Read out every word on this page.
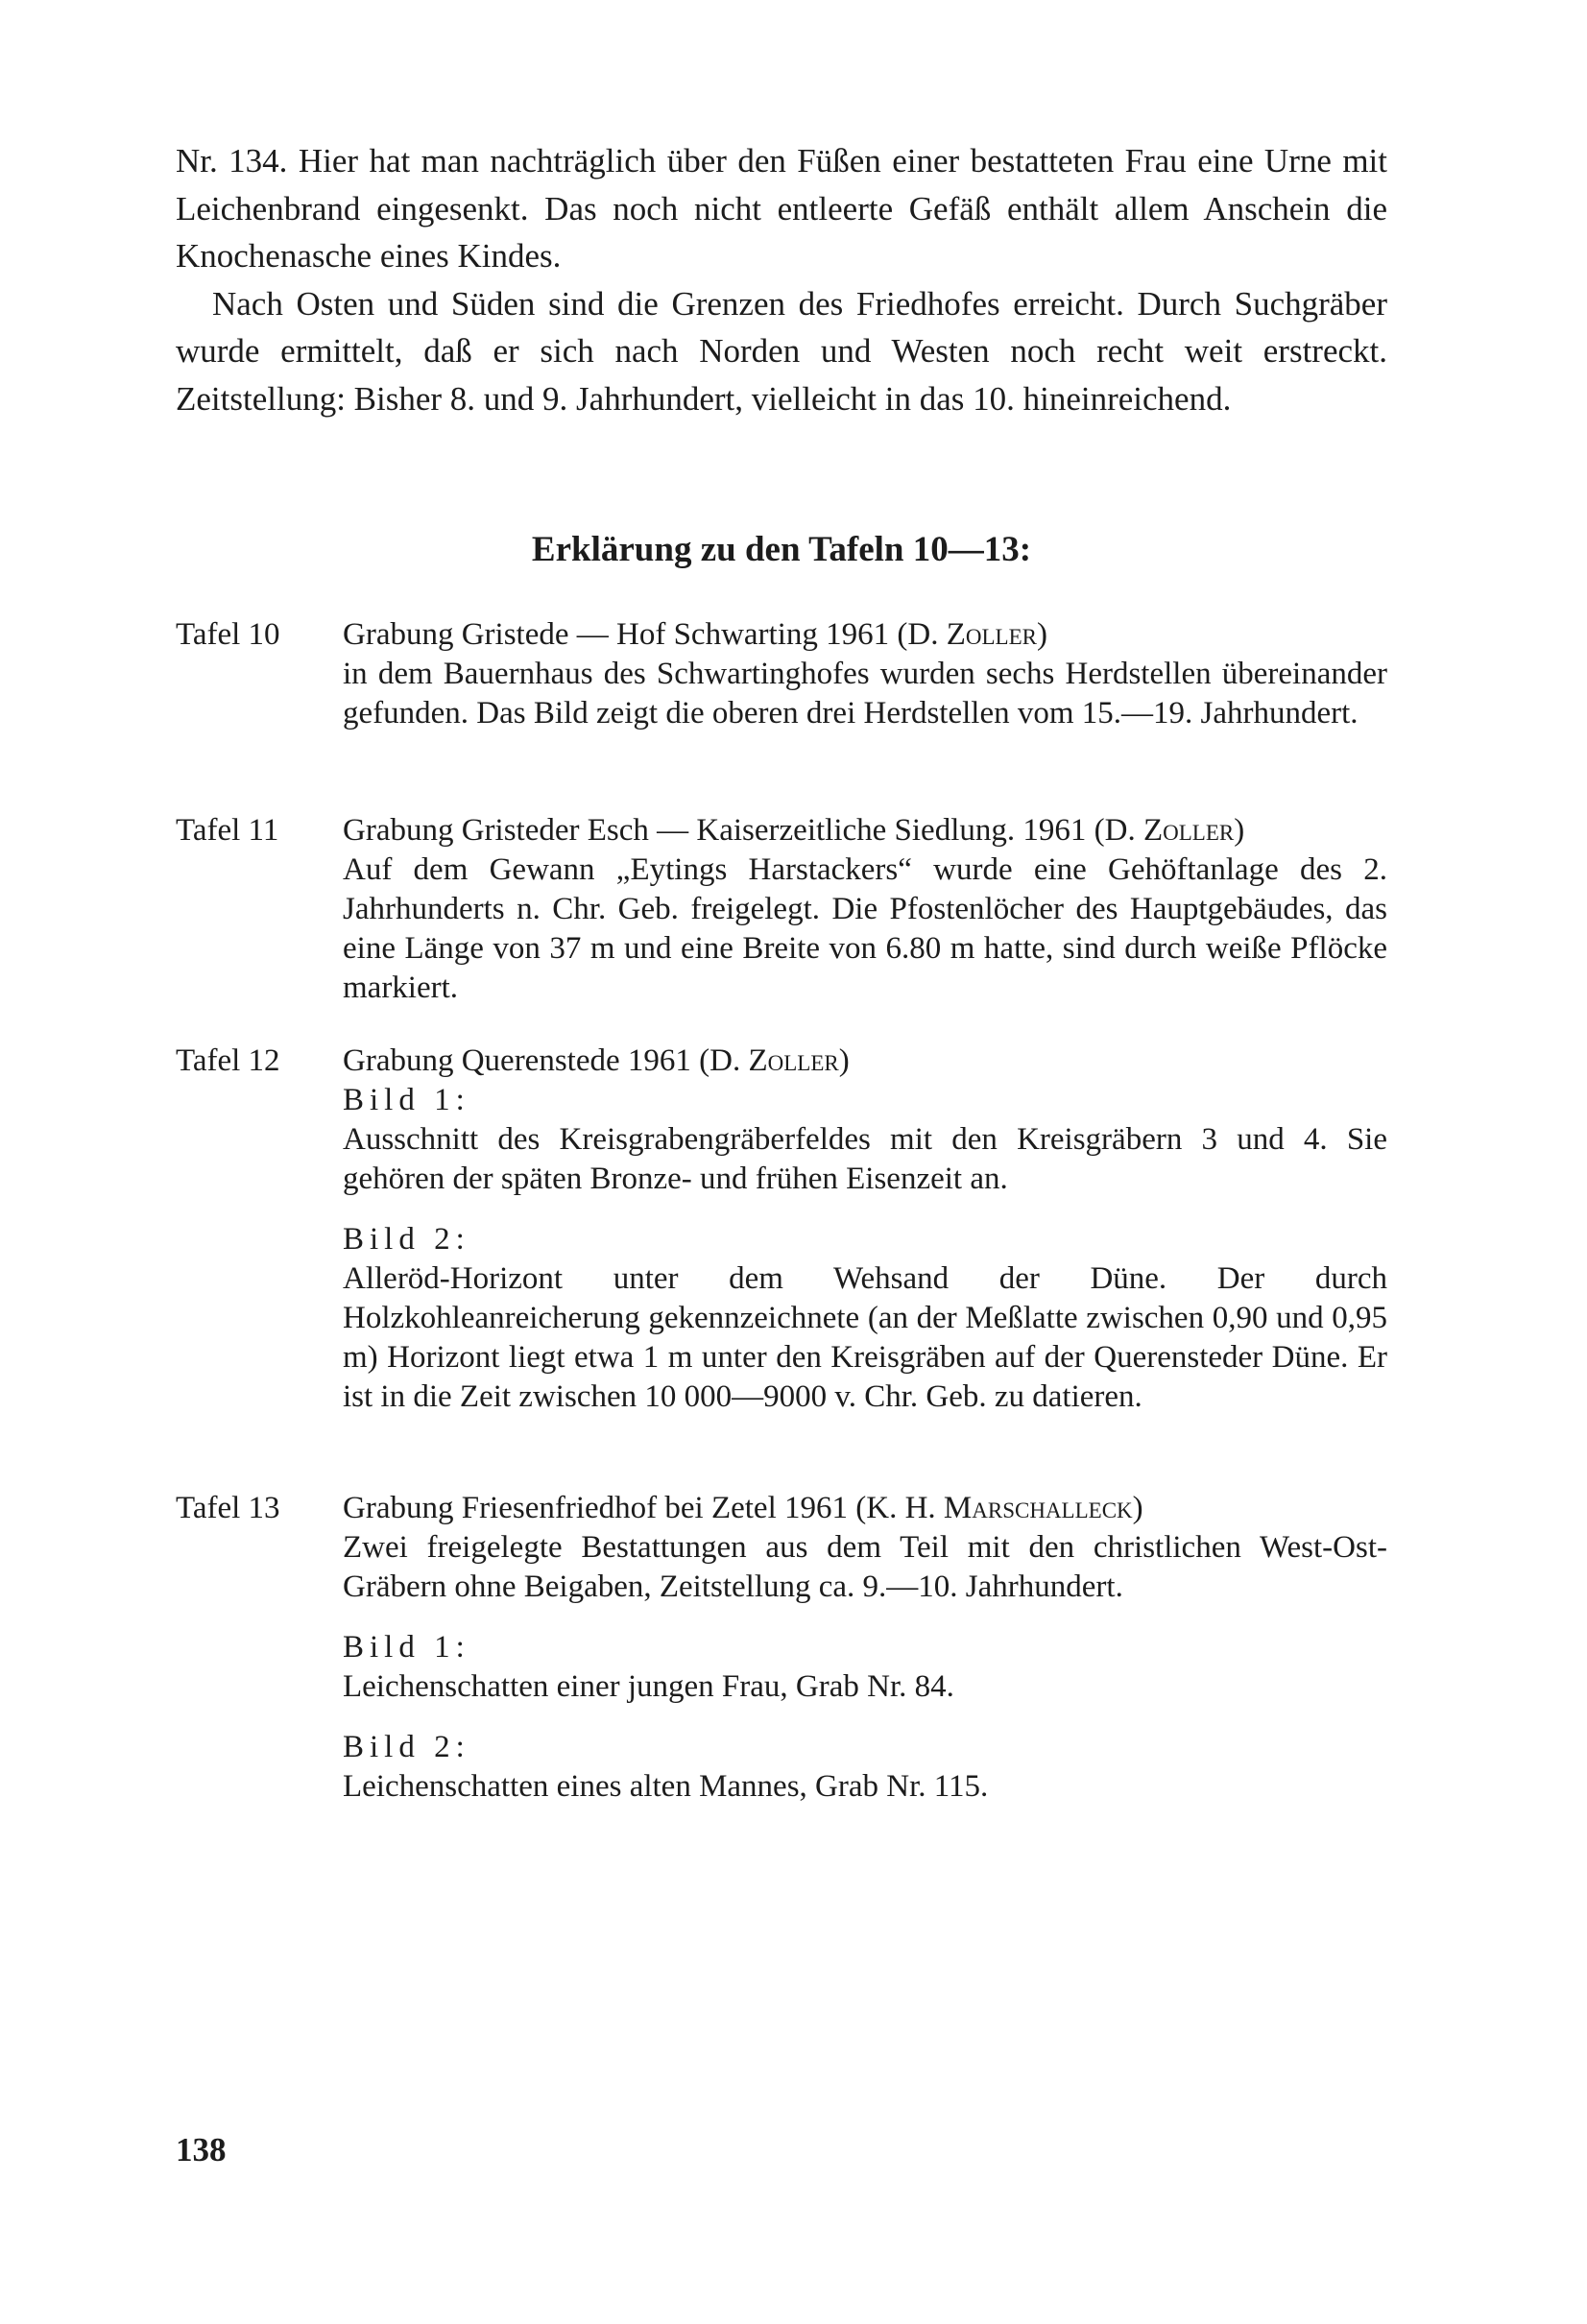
Nr. 134. Hier hat man nachträglich über den Füßen einer bestatteten Frau eine Urne mit Leichenbrand eingesenkt. Das noch nicht entleerte Gefäß enthält allem Anschein die Knochenasche eines Kindes.

Nach Osten und Süden sind die Grenzen des Friedhofes erreicht. Durch Suchgräber wurde ermittelt, daß er sich nach Norden und Westen noch recht weit erstreckt. Zeitstellung: Bisher 8. und 9. Jahrhundert, vielleicht in das 10. hineinreichend.

Erklärung zu den Tafeln 10—13:
Tafel 10	Grabung Gristede — Hof Schwarting 1961 (D. Zoller)

in dem Bauernhaus des Schwartinghofes wurden sechs Herdstellen übereinander gefunden. Das Bild zeigt die oberen drei Herdstellen vom 15.—19. Jahrhundert.

Tafel 11	Grabung Gristeder Esch — Kaiserzeitliche Siedlung. 1961 (D. Zoller)

Auf dem Gewann „Eytings Harstackers“ wurde eine Gehöftanlage des 2. Jahrhunderts n. Chr. Geb. freigelegt. Die Pfostenlöcher des Hauptgebäudes, das eine Länge von 37 m und eine Breite von 6.80 m hatte, sind durch weiße Pflöcke markiert.

Tafel 12	Grabung Querenstede 1961 (D. Zoller)

Bild 1:

Ausschnitt des Kreisgrabengräberfeldes mit den Kreisgräbern 3 und 4. Sie gehören der späten Bronze- und frühen Eisenzeit an.

Bild 2:

Alleröd-Horizont unter dem Wehsand der Düne. Der durch Holzkohleanreicherung gekennzeichnete (an der Meßlatte zwischen 0,90 und 0,95 m) Horizont liegt etwa 1 m unter den Kreisgräben auf der Querensteder Düne. Er ist in die Zeit zwischen 10 000—9000 v. Chr. Geb. zu datieren.

Tafel 13	Grabung Friesenfriedhof bei Zetel 1961 (K. H. Marschalleck)

Zwei freigelegte Bestattungen aus dem Teil mit den christlichen West-Ost-Gräbern ohne Beigaben, Zeitstellung ca. 9.—10. Jahrhundert.

Bild 1:

Leichenschatten einer jungen Frau, Grab Nr. 84.

Bild 2:

Leichenschatten eines alten Mannes, Grab Nr. 115.

138
